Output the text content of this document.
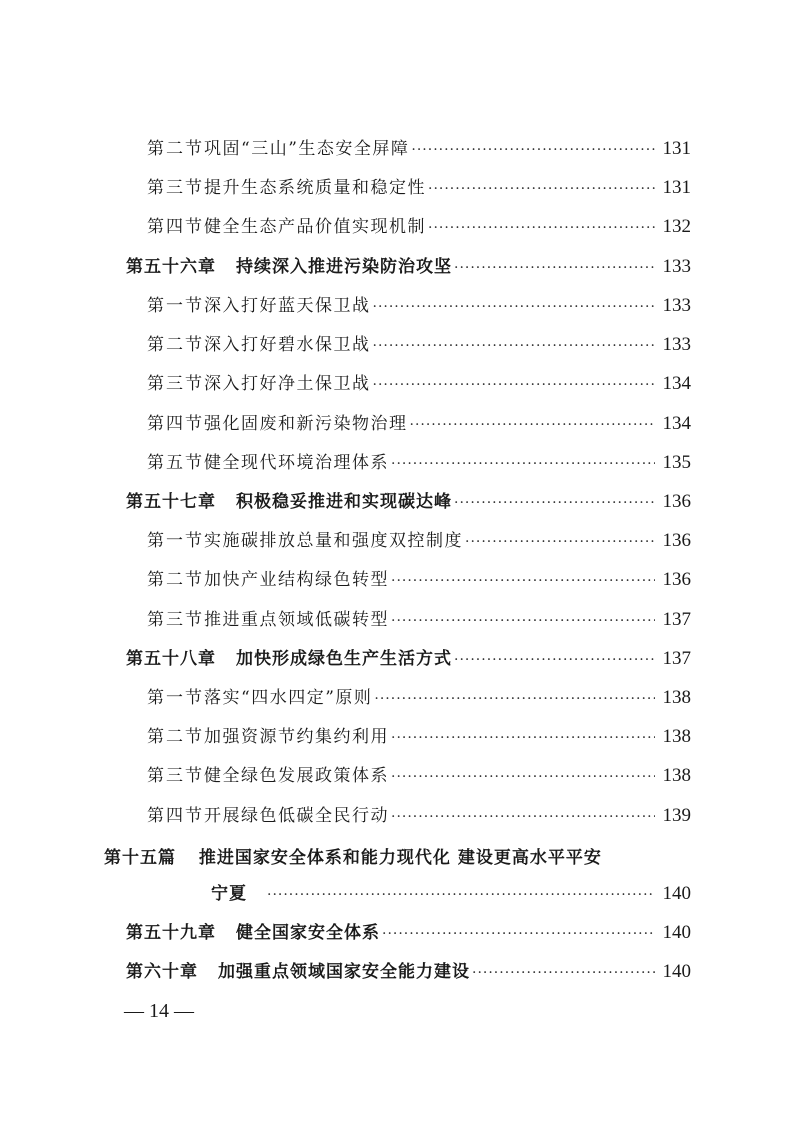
第二节 巩固“三山”生态安全屏障 ·····	131
第三节 提升生态系统质量和稳定性 ·····	131
第四节 健全生态产品价值实现机制 ·····	132
第五十六章 持续深入推进污染防治攻坚 ·····	133
第一节 深入打好蓝天保卫战 ·····	133
第二节 深入打好碧水保卫战 ·····	133
第三节 深入打好净土保卫战 ·····	134
第四节 强化固废和新污染物治理 ·····	134
第五节 健全现代环境治理体系 ·····	135
第五十七章 积极稳妥推进和实现碳达峰 ·····	136
第一节 实施碳排放总量和强度双控制度 ·····	136
第二节 加快产业结构绿色转型 ·····	136
第三节 推进重点领域低碳转型 ·····	137
第五十八章 加快形成绿色生产生活方式 ·····	137
第一节 落实“四水四定”原则 ·····	138
第二节 加强资源节约集约利用 ·····	138
第三节 健全绿色发展政策体系 ·····	138
第四节 开展绿色低碳全民行动 ·····	139
第十五篇 推进国家安全体系和能力现代化 建设更高水平平安
宁夏 ·····	140
第五十九章 健全国家安全体系 ·····	140
第六十章 加强重点领域国家安全能力建设 ·····	140
— 14 —
